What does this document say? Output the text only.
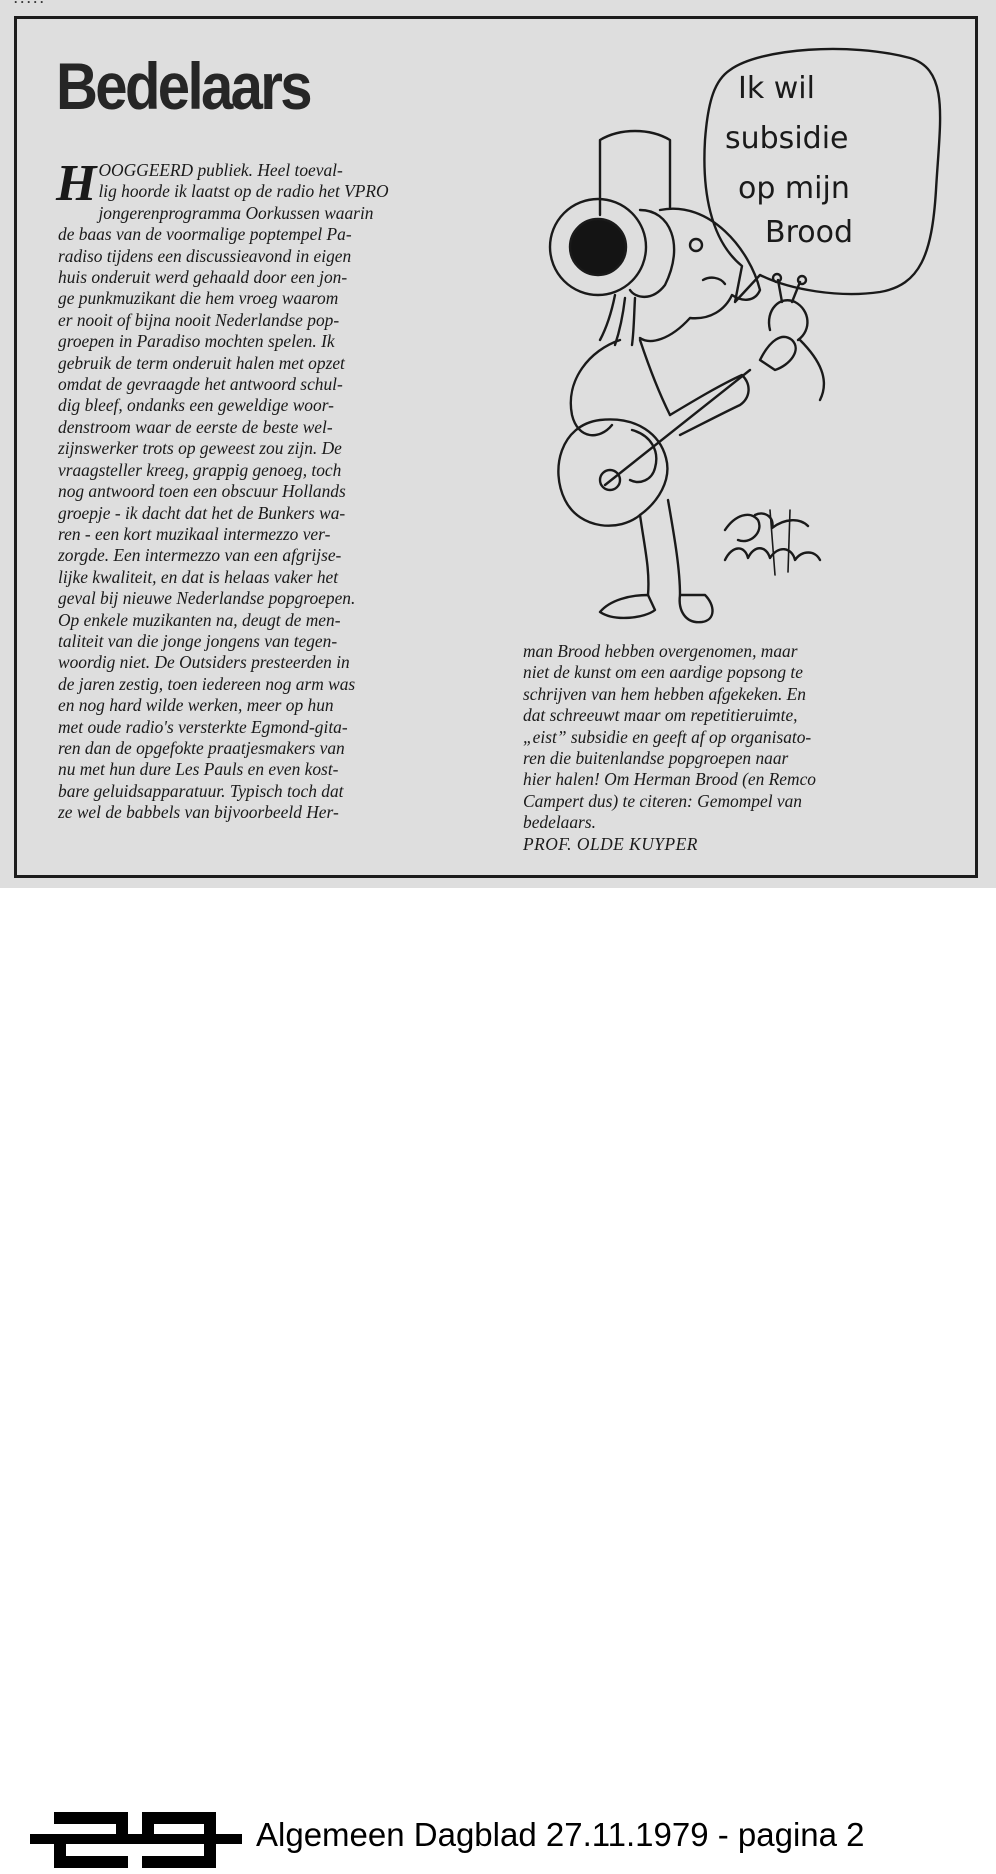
· · · · ·
Bedelaars
H OOGGEERD publiek. Heel toeval-
lig hoorde ik laatst op de radio het VPRO
jongerenprogramma Oorkussen waarin
de baas van de voormalige poptempel Pa-
radiso tijdens een discussieavond in eigen
huis onderuit werd gehaald door een jon-
ge punkmuzikant die hem vroeg waarom
er nooit of bijna nooit Nederlandse pop-
groepen in Paradiso mochten spelen. Ik
gebruik de term onderuit halen met opzet
omdat de gevraagde het antwoord schul-
dig bleef, ondanks een geweldige woor-
denstroom waar de eerste de beste wel-
zijnswerker trots op geweest zou zijn. De
vraagsteller kreeg, grappig genoeg, toch
nog antwoord toen een obscuur Hollands
groepje - ik dacht dat het de Bunkers wa-
ren - een kort muzikaal intermezzo ver-
zorgde. Een intermezzo van een afgrijse-
lijke kwaliteit, en dat is helaas vaker het
geval bij nieuwe Nederlandse popgroepen.
Op enkele muzikanten na, deugt de men-
taliteit van die jonge jongens van tegen-
woordig niet. De Outsiders presteerden in
de jaren zestig, toen iedereen nog arm was
en nog hard wilde werken, meer op hun
met oude radio's versterkte Egmond-gita-
ren dan de opgefokte praatjesmakers van
nu met hun dure Les Pauls en even kost-
bare geluidsapparatuur. Typisch toch dat
ze wel de babbels van bijvoorbeeld Her-
man Brood hebben overgenomen, maar
niet de kunst om een aardige popsong te
schrijven van hem hebben afgekeken. En
dat schreeuwt maar om repetitieruimte,
„eist” subsidie en geeft af op organisato-
ren die buitenlandse popgroepen naar
hier halen! Om Herman Brood (en Remco
Campert dus) te citeren: Gemompel van
bedelaars.
PROF. OLDE KUYPER
Ik wil
subsidie
op mijn
Brood
Algemeen Dagblad 27.11.1979 - pagina 2
